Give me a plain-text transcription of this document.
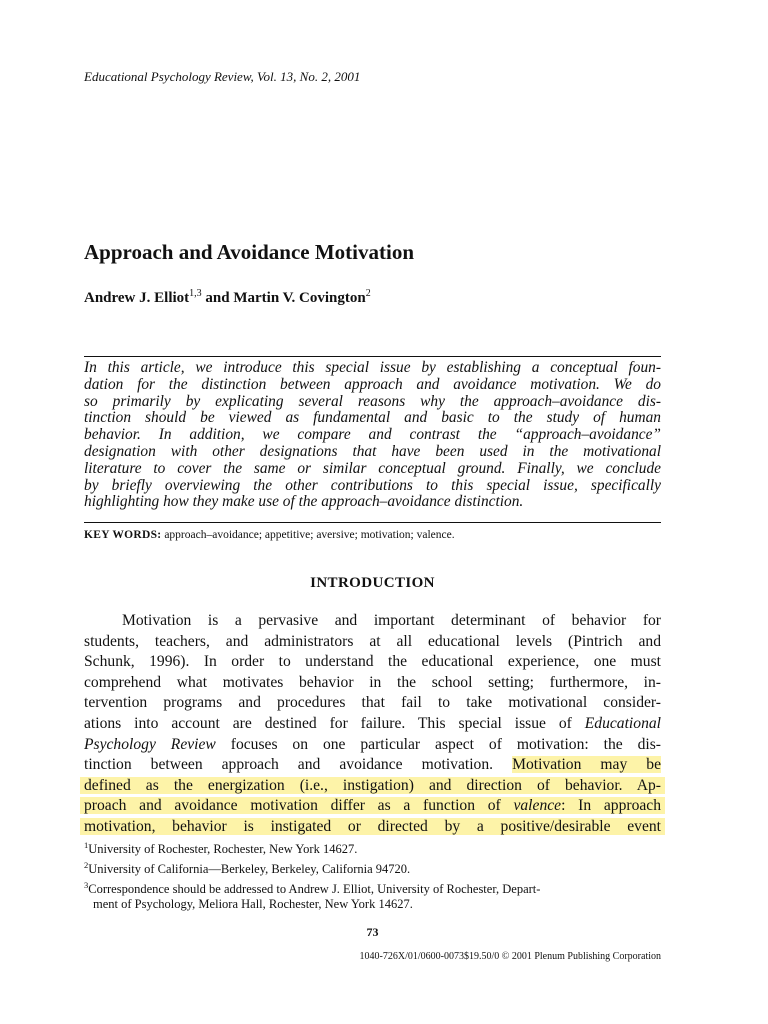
Educational Psychology Review, Vol. 13, No. 2, 2001
Approach and Avoidance Motivation
Andrew J. Elliot$^{1,3}$ and Martin V. Covington$^2$

In this article, we introduce this special issue by establishing a conceptual foun-
dation for the distinction between approach and avoidance motivation. We do
so primarily by explicating several reasons why the approach–avoidance dis-
tinction should be viewed as fundamental and basic to the study of human
behavior. In addition, we compare and contrast the “approach–avoidance”
designation with other designations that have been used in the motivational
literature to cover the same or similar conceptual ground. Finally, we conclude
by briefly overviewing the other contributions to this special issue, specifically
highlighting how they make use of the approach–avoidance distinction.

KEY WORDS: approach–avoidance; appetitive; aversive; motivation; valence.
INTRODUCTION

Motivation is a pervasive and important determinant of behavior for
students, teachers, and administrators at all educational levels (Pintrich and
Schunk, 1996). In order to understand the educational experience, one must
comprehend what motivates behavior in the school setting; furthermore, in-
tervention programs and procedures that fail to take motivational consider-
ations into account are destined for failure. This special issue of Educational
Psychology Review focuses on one particular aspect of motivation: the dis-
tinction between approach and avoidance motivation. Motivation may be
defined as the energization (i.e., instigation) and direction of behavior. Ap-
proach and avoidance motivation differ as a function of valence: In approach
motivation, behavior is instigated or directed by a positive/desirable event

$^1$University of Rochester, Rochester, New York 14627.
$^2$University of California—Berkeley, Berkeley, California 94720.
$^3$Correspondence should be addressed to Andrew J. Elliot, University of Rochester, Depart-
ment of Psychology, Meliora Hall, Rochester, New York 14627.
73
1040-726X/01/0600-0073$19.50/0 © 2001 Plenum Publishing Corporation
